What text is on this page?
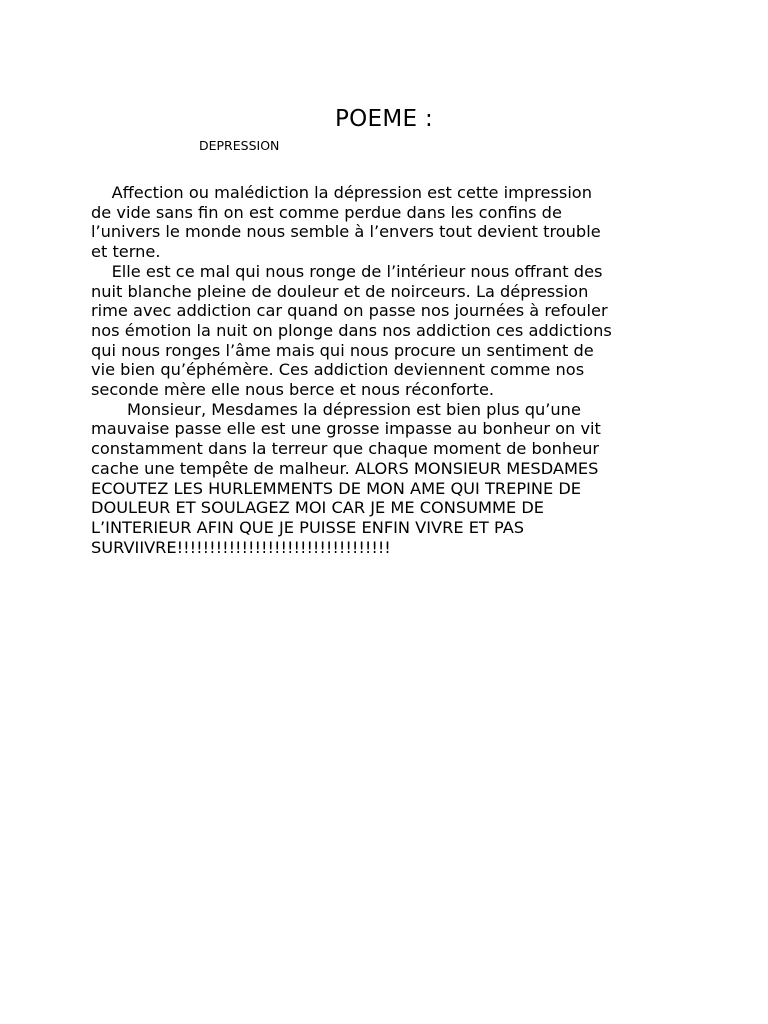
POEME :
DEPRESSION
Affection ou malédiction la dépression est cette impression
de vide sans fin on est comme perdue dans les confins de
l’univers le monde nous semble à l’envers tout devient trouble
et terne.
Elle est ce mal qui nous ronge de l’intérieur nous offrant des
nuit blanche pleine de douleur et de noirceurs. La dépression
rime avec addiction car quand on passe nos journées à refouler
nos émotion la nuit on plonge dans nos addiction ces addictions
qui nous ronges l’âme mais qui nous procure un sentiment de
vie bien qu’éphémère. Ces addiction deviennent comme nos
seconde mère elle nous berce et nous réconforte.
Monsieur, Mesdames la dépression est bien plus qu’une
mauvaise passe elle est une grosse impasse au bonheur on vit
constamment dans la terreur que chaque moment de bonheur
cache une tempête de malheur. ALORS MONSIEUR MESDAMES
ECOUTEZ LES HURLEMMENTS DE MON AME QUI TREPINE DE
DOULEUR ET SOULAGEZ MOI CAR JE ME CONSUMME DE
L’INTERIEUR AFIN QUE JE PUISSE ENFIN VIVRE ET PAS
SURVIIVRE!!!!!!!!!!!!!!!!!!!!!!!!!!!!!!!!!
